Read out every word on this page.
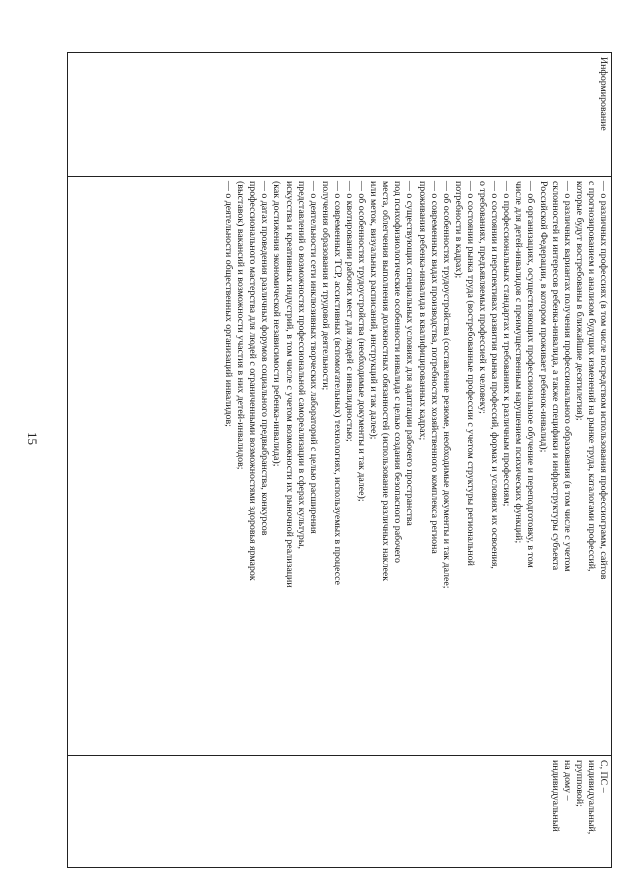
15
Информирование	

— о различных профессиях (в том числе посредством использования профессиограмм, сайтов

с прогнозированием и анализом будущих изменений на рынке труда, каталогами профессий,

которые будут востребованы в ближайшие десятилетия);

— о различных вариантах получения профессионального образования (в том числе с учетом

склонностей и интересов ребенка-инвалида, а также специфики и инфраструктуры субъекта

Российской Федерации, в котором проживает ребенок-инвалид);

— об организациях, осуществляющих профессиональное обучение и переподготовку, в том

числе для детей-инвалидов с преимущественным нарушением психических функций;

— о профессиональных стандартах и требованиях к различным профессиям;

— о состоянии и перспективах развития рынка профессий, формах и условиях их освоения,

о требованиях, предъявляемых профессией к человеку;

— о состоянии рынка труда (востребованные профессии с учетом структуры региональной

потребности в кадрах);

— об особенностях трудоустройства (составление резюме, необходимые документы и так далее;

— о современных видах производства, потребностях хозяйственного комплекса региона

проживания ребенка-инвалида в квалифицированных кадрах;

— о существующих специальных условиях для адаптации рабочего пространства

под психофизиологические особенности инвалида с целью создания безопасного рабочего

места, облегчения выполнения должностных обязанностей (использование различных наклеек

или меток, визуальных расписаний, инструкций и так далее);

— об особенностях трудоустройства (необходимые документы и так далее);

— о квотировании рабочих мест для людей с инвалидностью;

— о современных ТСР, ассистивных (вспомогательных) технологиях, используемых в процессе

получения образования и трудовой деятельности;

— о деятельности сети инклюзивных творческих лабораторий с целью расширения

представлений о возможностях профессиональной самореализации в сферах культуры,

искусства и креативных индустрий, в том числе с учетом возможности их рыночной реализации

(как достижения экономической независимости ребенка-инвалида);

— о датах проведения различных форумов социального предвыбранства, конкурсов

профессионального мастерства для людей с ограниченными возможностями здоровья ярмарок

(выставок) вакансий и возможности участия в них детей-инвалидов;

— о деятельности общественных организаций инвалидов;

С, ПС –

индивидуальный,

групповой;

на дому –

индивидуальный
